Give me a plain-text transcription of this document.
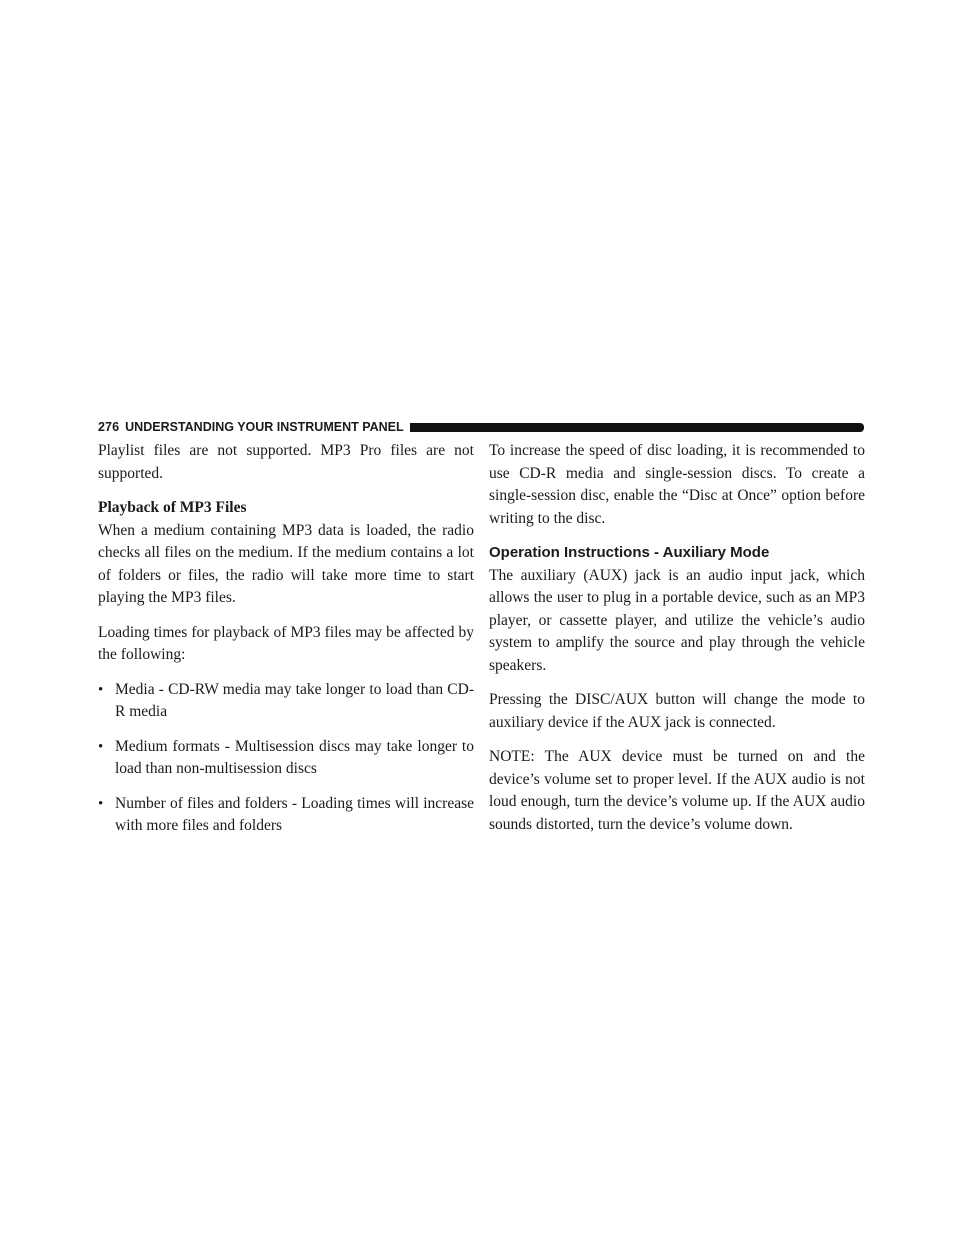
276 UNDERSTANDING YOUR INSTRUMENT PANEL

Playlist files are not supported. MP3 Pro files are not supported.

Playback of MP3 Files

When a medium containing MP3 data is loaded, the radio checks all files on the medium. If the medium contains a lot of folders or files, the radio will take more time to start playing the MP3 files.

Loading times for playback of MP3 files may be affected by the following:

• Media - CD-RW media may take longer to load than CD-R media
• Medium formats - Multisession discs may take longer to load than non-multisession discs
• Number of files and folders - Loading times will increase with more files and folders

To increase the speed of disc loading, it is recommended to use CD-R media and single-session discs. To create a single-session disc, enable the “Disc at Once” option before writing to the disc.

Operation Instructions - Auxiliary Mode

The auxiliary (AUX) jack is an audio input jack, which allows the user to plug in a portable device, such as an MP3 player, or cassette player, and utilize the vehicle’s audio system to amplify the source and play through the vehicle speakers.

Pressing the DISC/AUX button will change the mode to auxiliary device if the AUX jack is connected.

NOTE: The AUX device must be turned on and the device’s volume set to proper level. If the AUX audio is not loud enough, turn the device’s volume up. If the AUX audio sounds distorted, turn the device’s volume down.
